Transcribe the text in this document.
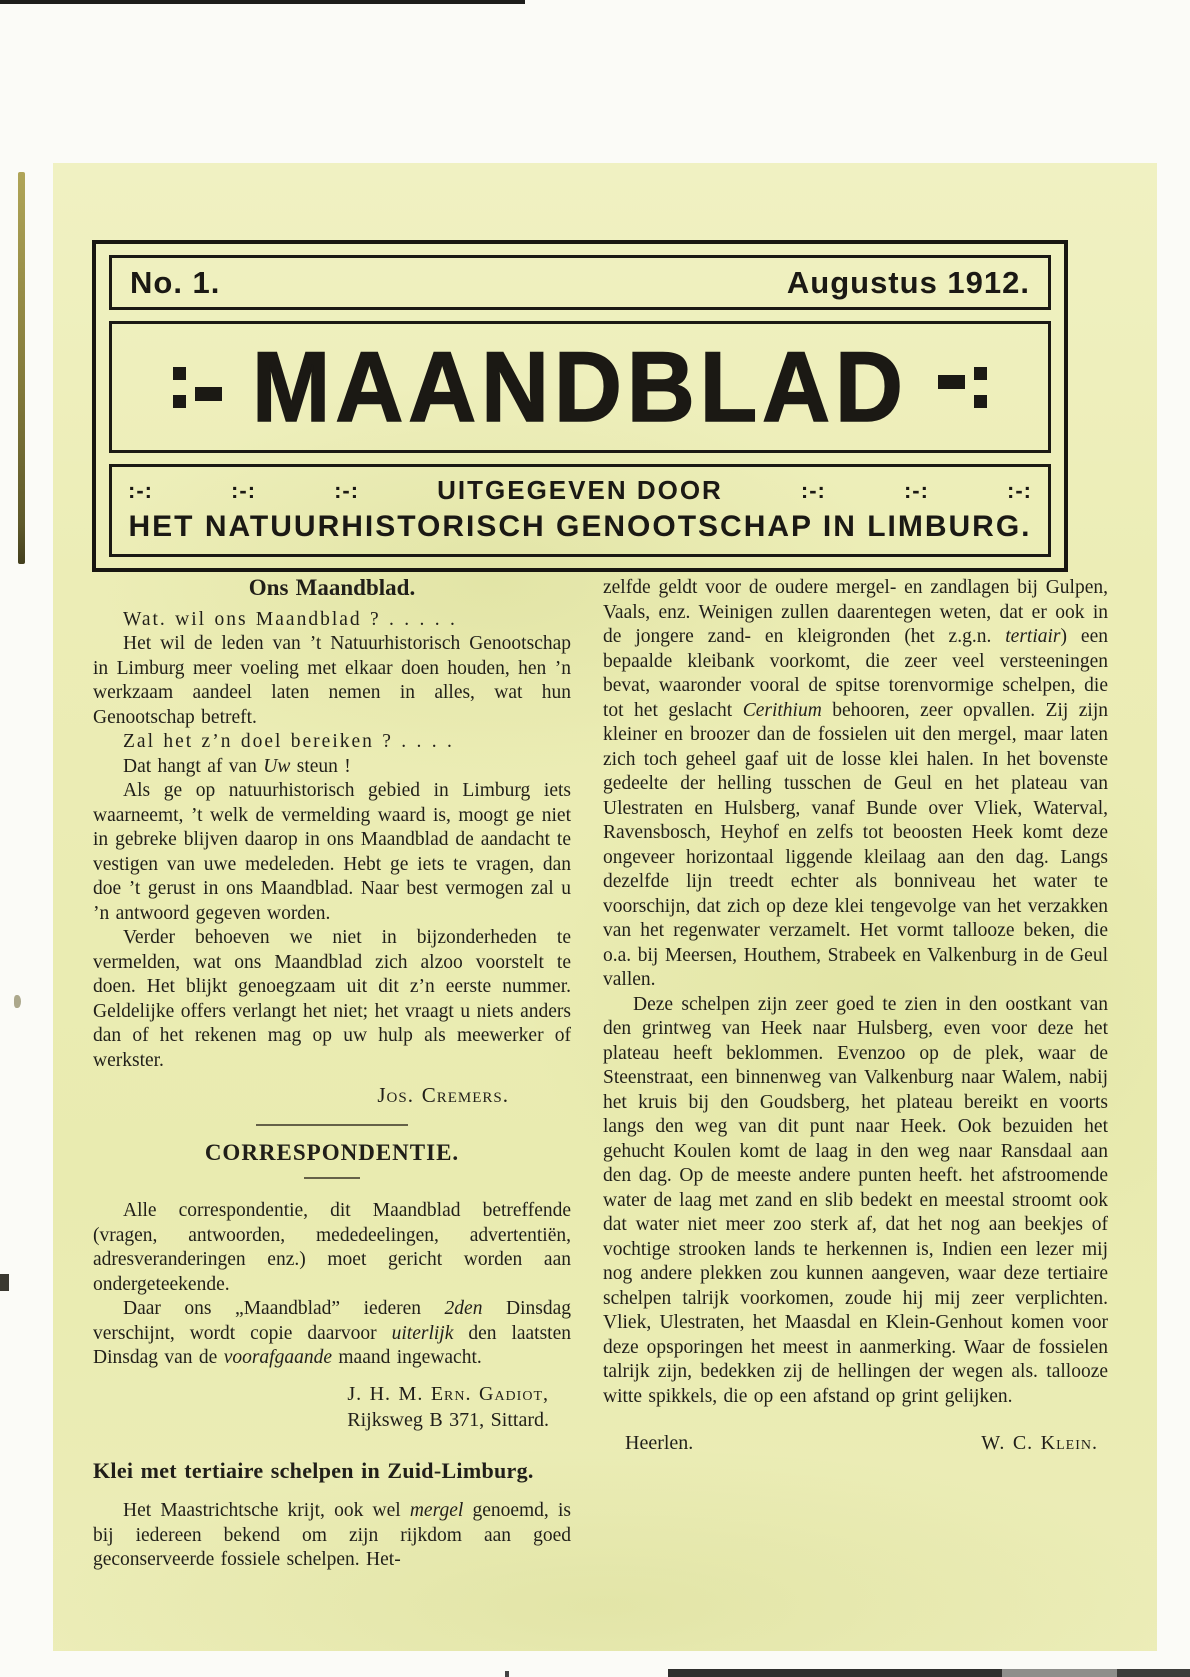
No. 1.	Augustus 1912.
MAANDBLAD
:-:	:-:	:-:	UITGEGEVEN DOOR	:-:	:-:	:-:
HET NATUURHISTORISCH GENOOTSCHAP IN LIMBURG.
Ons Maandblad.

Wat. wil ons Maandblad ? . . . . .

Het wil de leden van ’t Natuurhistorisch Genootschap in Limburg meer voeling met elkaar doen houden, hen ’n werkzaam aandeel laten nemen in alles, wat hun Genootschap betreft.

Zal het z’n doel bereiken ? . . . .

Dat hangt af van Uw steun !

Als ge op natuurhistorisch gebied in Limburg iets waarneemt, ’t welk de vermelding waard is, moogt ge niet in gebreke blijven daarop in ons Maandblad de aandacht te vestigen van uwe medeleden. Hebt ge iets te vragen, dan doe ’t gerust in ons Maandblad. Naar best vermogen zal u ’n antwoord gegeven worden.

Verder behoeven we niet in bijzonderheden te vermelden, wat ons Maandblad zich alzoo voorstelt te doen. Het blijkt genoegzaam uit dit z’n eerste nummer. Geldelijke offers verlangt het niet; het vraagt u niets anders dan of het rekenen mag op uw hulp als meewerker of werkster.

Jos. Cremers.
CORRESPONDENTIE.

Alle correspondentie, dit Maandblad betreffende (vragen, antwoorden, mededeelingen, advertentiën, adresveranderingen enz.) moet gericht worden aan ondergeteekende.

Daar ons „Maandblad” iederen 2den Dinsdag verschijnt, wordt copie daarvoor uiterlijk den laatsten Dinsdag van de voorafgaande maand ingewacht.

J. H. M. Ern. Gadiot,
Rijksweg B 371, Sittard.
Klei met tertiaire schelpen in Zuid-Limburg.

Het Maastrichtsche krijt, ook wel mergel genoemd, is bij iedereen bekend om zijn rijkdom aan goed geconserveerde fossiele schelpen. Het-

zelfde geldt voor de oudere mergel- en zandlagen bij Gulpen, Vaals, enz. Weinigen zullen daarentegen weten, dat er ook in de jongere zand- en kleigronden (het z.g.n. tertiair) een bepaalde kleibank voorkomt, die zeer veel versteeningen bevat, waaronder vooral de spitse torenvormige schelpen, die tot het geslacht Cerithium behooren, zeer opvallen. Zij zijn kleiner en broozer dan de fossielen uit den mergel, maar laten zich toch geheel gaaf uit de losse klei halen. In het bovenste gedeelte der helling tusschen de Geul en het plateau van Ulestraten en Hulsberg, vanaf Bunde over Vliek, Waterval, Ravensbosch, Heyhof en zelfs tot beoosten Heek komt deze ongeveer horizontaal liggende kleilaag aan den dag. Langs dezelfde lijn treedt echter als bonniveau het water te voorschijn, dat zich op deze klei tengevolge van het verzakken van het regenwater verzamelt. Het vormt tallooze beken, die o.a. bij Meersen, Houthem, Strabeek en Valkenburg in de Geul vallen.

Deze schelpen zijn zeer goed te zien in den oostkant van den grintweg van Heek naar Hulsberg, even voor deze het plateau heeft beklommen. Evenzoo op de plek, waar de Steenstraat, een binnenweg van Valkenburg naar Walem, nabij het kruis bij den Goudsberg, het plateau bereikt en voorts langs den weg van dit punt naar Heek. Ook bezuiden het gehucht Koulen komt de laag in den weg naar Ransdaal aan den dag. Op de meeste andere punten heeft. het afstroomende water de laag met zand en slib bedekt en meestal stroomt ook dat water niet meer zoo sterk af, dat het nog aan beekjes of vochtige strooken lands te herkennen is, Indien een lezer mij nog andere plekken zou kunnen aangeven, waar deze tertiaire schelpen talrijk voorkomen, zoude hij mij zeer verplichten. Vliek, Ulestraten, het Maasdal en Klein-Genhout komen voor deze opsporingen het meest in aanmerking. Waar de fossielen talrijk zijn, bedekken zij de hellingen der wegen als. tallooze witte spikkels, die op een afstand op grint gelijken.

Heerlen.	W. C. Klein.
